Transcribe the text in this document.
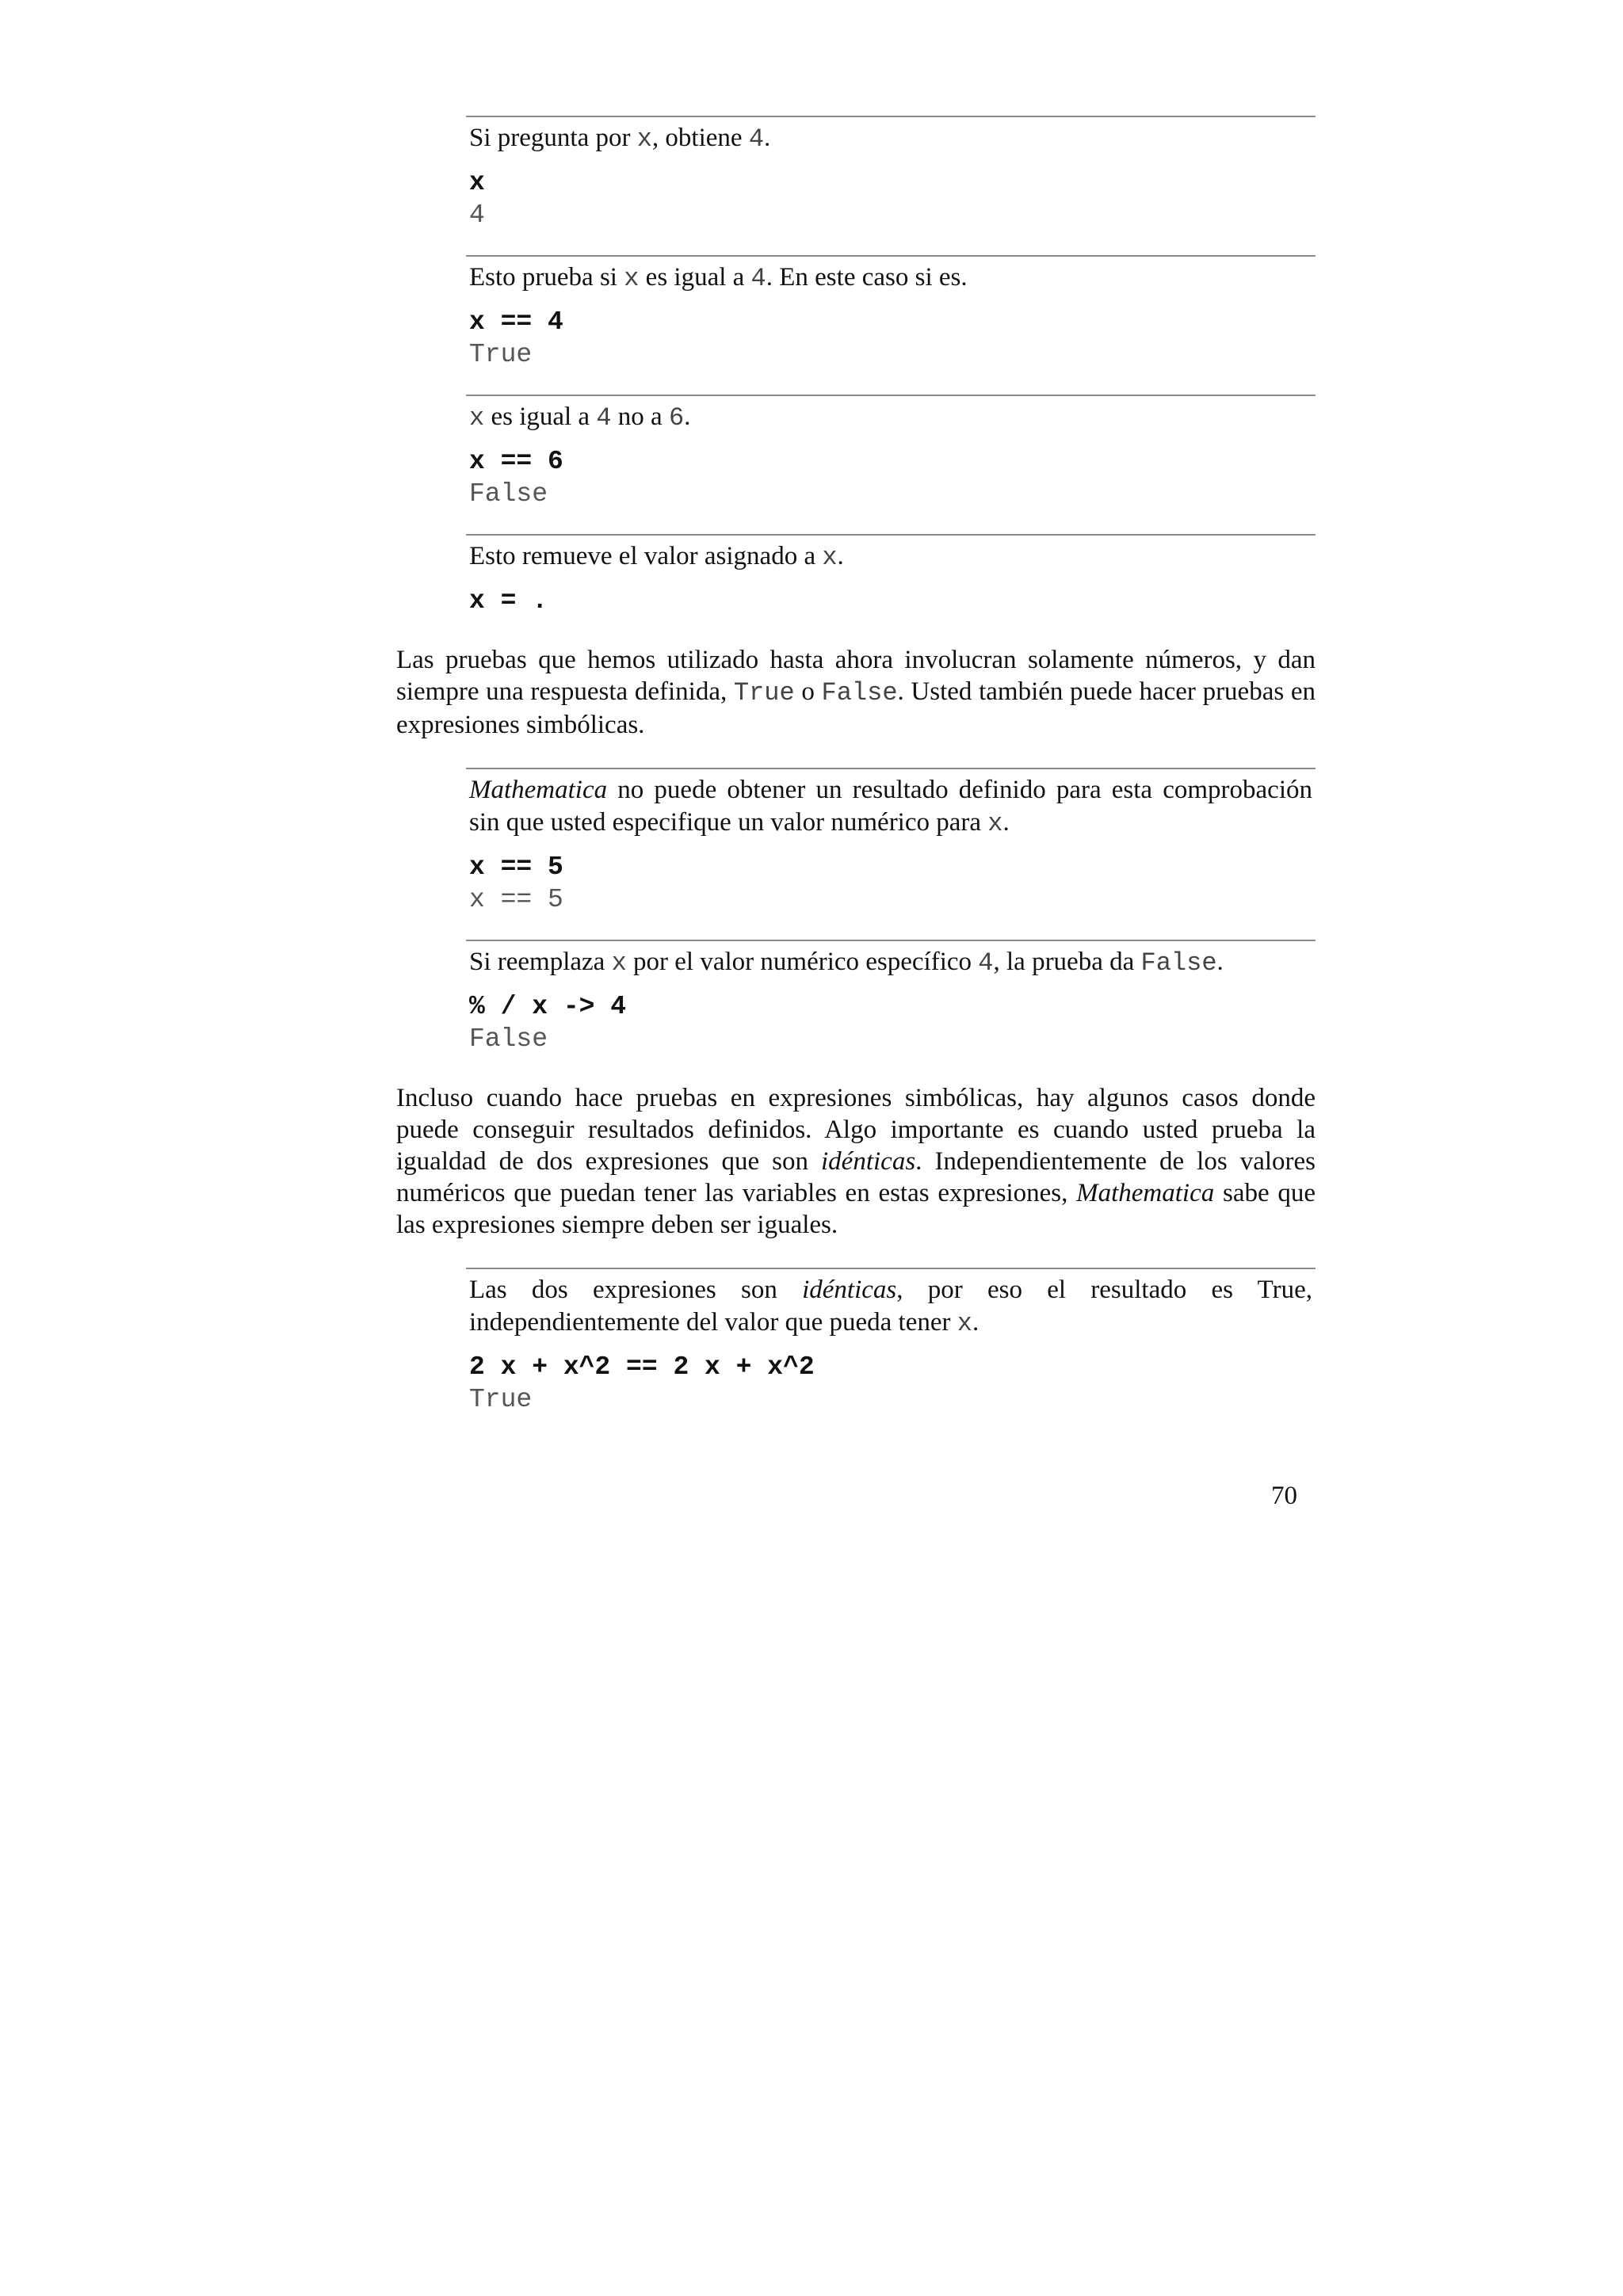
Si pregunta por x, obtiene 4.
x
4
Esto prueba si x es igual a 4. En este caso si es.
x == 4
True
x es igual a 4 no a 6.
x == 6
False
Esto remueve el valor asignado a x.
x = .

Las pruebas que hemos utilizado hasta ahora involucran solamente números, y dan siempre una respuesta definida, True o False. Usted también puede hacer pruebas en expresiones simbólicas.

Mathematica no puede obtener un resultado definido para esta comprobación sin que usted especifique un valor numérico para x.
x == 5
x == 5
Si reemplaza x por el valor numérico específico 4, la prueba da False.
% / x -> 4
False

Incluso cuando hace pruebas en expresiones simbólicas, hay algunos casos donde puede conseguir resultados definidos. Algo importante es cuando usted prueba la igualdad de dos expresiones que son idénticas. Independientemente de los valores numéricos que puedan tener las variables en estas expresiones, Mathematica sabe que las expresiones siempre deben ser iguales.

Las dos expresiones son idénticas, por eso el resultado es True, independientemente del valor que pueda tener x.
2 x + x^2 == 2 x + x^2
True
70
